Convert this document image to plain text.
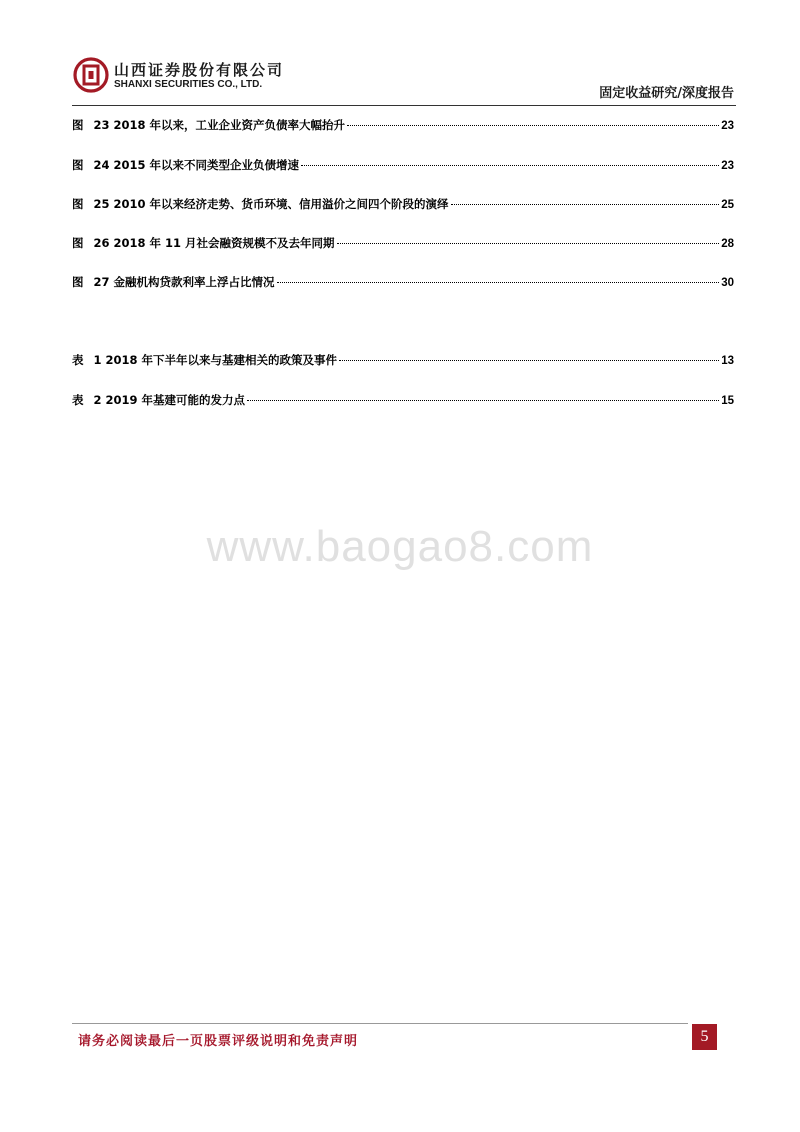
山西证券股份有限公司
SHANXI SECURITIES CO., LTD.
固定收益研究/深度报告
图 23 2018 年以来，工业企业资产负债率大幅抬升	23
图 24 2015 年以来不同类型企业负债增速	23
图 25 2010 年以来经济走势、货币环境、信用溢价之间四个阶段的演绎	25
图 26 2018 年 11 月社会融资规模不及去年同期	28
图 27 金融机构贷款利率上浮占比情况	30
表 1 2018 年下半年以来与基建相关的政策及事件	13
表 2 2019 年基建可能的发力点	15
www.baogao8.com
请务必阅读最后一页股票评级说明和免责声明	5
